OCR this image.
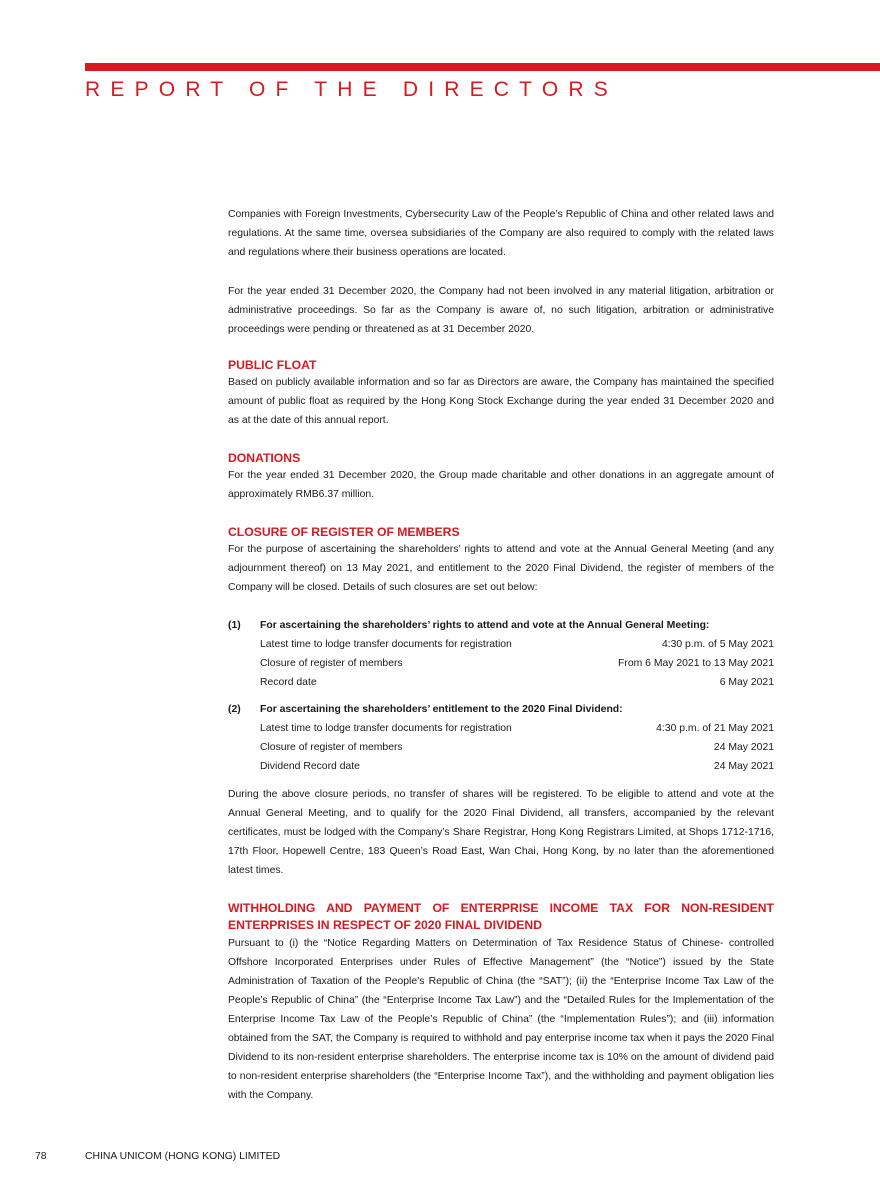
REPORT OF THE DIRECTORS

Companies with Foreign Investments, Cybersecurity Law of the People’s Republic of China and other related laws and regulations. At the same time, oversea subsidiaries of the Company are also required to comply with the related laws and regulations where their business operations are located.

For the year ended 31 December 2020, the Company had not been involved in any material litigation, arbitration or administrative proceedings. So far as the Company is aware of, no such litigation, arbitration or administrative proceedings were pending or threatened as at 31 December 2020.

PUBLIC FLOAT

Based on publicly available information and so far as Directors are aware, the Company has maintained the specified amount of public float as required by the Hong Kong Stock Exchange during the year ended 31 December 2020 and as at the date of this annual report.

DONATIONS

For the year ended 31 December 2020, the Group made charitable and other donations in an aggregate amount of approximately RMB6.37 million.

CLOSURE OF REGISTER OF MEMBERS

For the purpose of ascertaining the shareholders’ rights to attend and vote at the Annual General Meeting (and any adjournment thereof) on 13 May 2021, and entitlement to the 2020 Final Dividend, the register of members of the Company will be closed. Details of such closures are set out below:

(1)	For ascertaining the shareholders’ rights to attend and vote at the Annual General Meeting:
Latest time to lodge transfer documents for registration	4:30 p.m. of 5 May 2021
Closure of register of members	From 6 May 2021 to 13 May 2021
Record date	6 May 2021
(2)	For ascertaining the shareholders’ entitlement to the 2020 Final Dividend:
Latest time to lodge transfer documents for registration	4:30 p.m. of 21 May 2021
Closure of register of members	24 May 2021
Dividend Record date	24 May 2021

During the above closure periods, no transfer of shares will be registered. To be eligible to attend and vote at the Annual General Meeting, and to qualify for the 2020 Final Dividend, all transfers, accompanied by the relevant certificates, must be lodged with the Company’s Share Registrar, Hong Kong Registrars Limited, at Shops 1712-1716, 17th Floor, Hopewell Centre, 183 Queen’s Road East, Wan Chai, Hong Kong, by no later than the aforementioned latest times.

WITHHOLDING AND PAYMENT OF ENTERPRISE INCOME TAX FOR NON-RESIDENT
ENTERPRISES IN RESPECT OF 2020 FINAL DIVIDEND

Pursuant to (i) the “Notice Regarding Matters on Determination of Tax Residence Status of Chinese- controlled Offshore Incorporated Enterprises under Rules of Effective Management” (the “Notice”) issued by the State Administration of Taxation of the People’s Republic of China (the “SAT”); (ii) the “Enterprise Income Tax Law of the People’s Republic of China” (the “Enterprise Income Tax Law”) and the “Detailed Rules for the Implementation of the Enterprise Income Tax Law of the People’s Republic of China” (the “Implementation Rules”); and (iii) information obtained from the SAT, the Company is required to withhold and pay enterprise income tax when it pays the 2020 Final Dividend to its non-resident enterprise shareholders. The enterprise income tax is 10% on the amount of dividend paid to non-resident enterprise shareholders (the “Enterprise Income Tax”), and the withholding and payment obligation lies with the Company.

78	CHINA UNICOM (HONG KONG) LIMITED
